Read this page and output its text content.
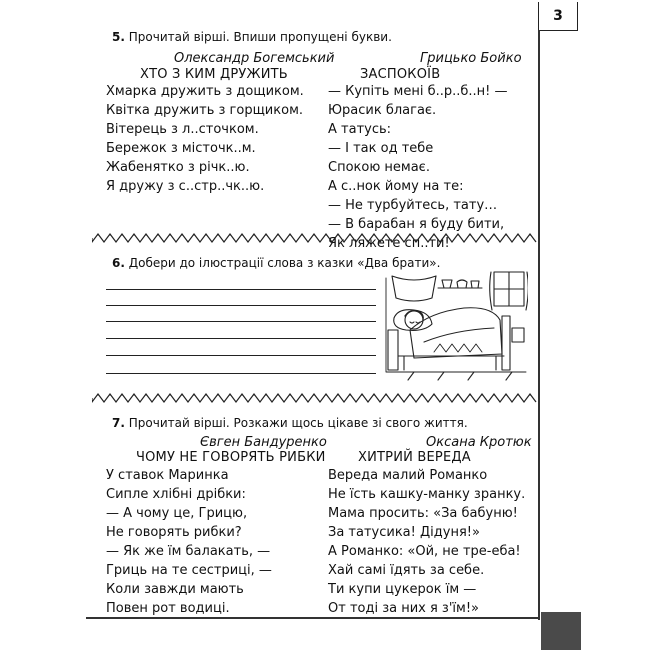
3
5. Прочитай вірші. Впиши пропущені букви.
Олександр Богемський
ХТО З КИМ ДРУЖИТЬ
Хмарка дружить з дощиком.
Квітка дружить з горщиком.
Вітерець з л..сточком.
Бережок з місточк..м.
Жабенятко з річк..ю.
Я дружу з с..стр..чк..ю.
Грицько Бойко
ЗАСПОКОЇВ
— Купіть мені б..р..б..н! —
Юрасик благає.
А татусь:
— І так од тебе
Спокою немає.
А с..нок йому на те:
— Не турбуйтесь, тату…
— В барабан я буду бити,
Як ляжете сп..ти!
6. Добери до ілюстрації слова з казки «Два брати».
7. Прочитай вірші. Розкажи щось цікаве зі свого життя.
Євген Бандуренко
ЧОМУ НЕ ГОВОРЯТЬ РИБКИ
У ставок Маринка
Сипле хлібні дрібки:
— А чому це, Грицю,
Не говорять рибки?
— Як же їм балакать, —
Гриць на те сестриці, —
Коли завжди мають
Повен рот водиці.
Оксана Кротюк
ХИТРИЙ ВЕРЕДА
Вереда малий Романко
Не їсть кашку-манку зранку.
Мама просить: «За бабуню!
За татусика! Дідуня!»
А Романко: «Ой, не тре-еба!
Хай самі їдять за себе.
Ти купи цукерок їм —
От тоді за них я з'їм!»
